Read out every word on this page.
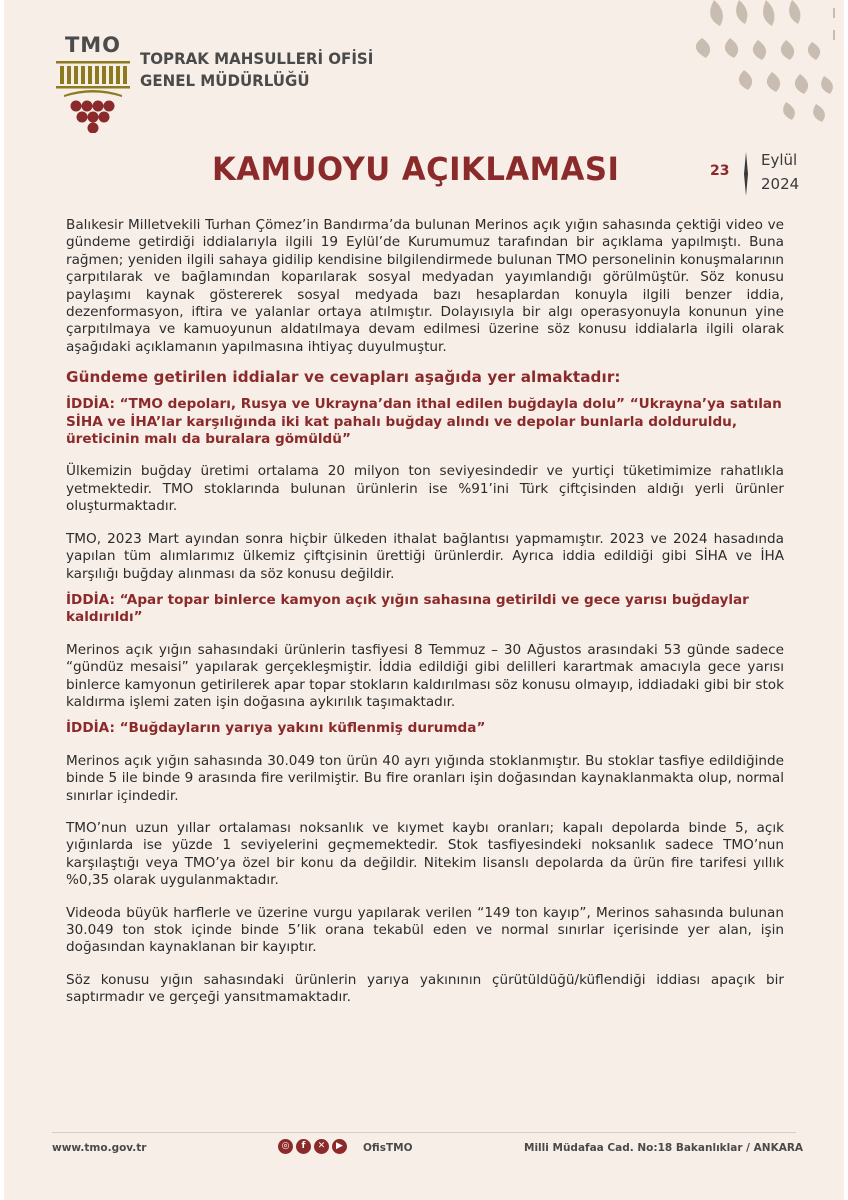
TMO
TOPRAK MAHSULLERİ OFİSİ
GENEL MÜDÜRLÜĞÜ
KAMUOYU AÇIKLAMASI	23
Eylül
2024

Balıkesir Milletvekili Turhan Çömez’in Bandırma’da bulunan Merinos açık yığın sahasında çektiği video ve gündeme getirdiği iddialarıyla ilgili 19 Eylül’de Kurumumuz tarafından bir açıklama yapılmıştı. Buna rağmen; yeniden ilgili sahaya gidilip kendisine bilgilendirmede bulunan TMO personelinin konuşmalarının çarpıtılarak ve bağlamından koparılarak sosyal medyadan yayımlandığı görülmüştür. Söz konusu paylaşımı kaynak göstererek sosyal medyada bazı hesaplardan konuyla ilgili benzer iddia, dezenformasyon, iftira ve yalanlar ortaya atılmıştır. Dolayısıyla bir algı operasyonuyla konunun yine çarpıtılmaya ve kamuoyunun aldatılmaya devam edilmesi üzerine söz konusu iddialarla ilgili olarak aşağıdaki açıklamanın yapılmasına ihtiyaç duyulmuştur.

Gündeme getirilen iddialar ve cevapları aşağıda yer almaktadır:

İDDİA: “TMO depoları, Rusya ve Ukrayna’dan ithal edilen buğdayla dolu” “Ukrayna’ya satılan SİHA ve İHA’lar karşılığında iki kat pahalı buğday alındı ve depolar bunlarla dolduruldu, üreticinin malı da buralara gömüldü”

Ülkemizin buğday üretimi ortalama 20 milyon ton seviyesindedir ve yurtiçi tüketimimize rahatlıkla yetmektedir. TMO stoklarında bulunan ürünlerin ise %91’ini Türk çiftçisinden aldığı yerli ürünler oluşturmaktadır.

TMO, 2023 Mart ayından sonra hiçbir ülkeden ithalat bağlantısı yapmamıştır. 2023 ve 2024 hasadında yapılan tüm alımlarımız ülkemiz çiftçisinin ürettiği ürünlerdir. Ayrıca iddia edildiği gibi SİHA ve İHA karşılığı buğday alınması da söz konusu değildir.

İDDİA: “Apar topar binlerce kamyon açık yığın sahasına getirildi ve gece yarısı buğdaylar kaldırıldı”

Merinos açık yığın sahasındaki ürünlerin tasfiyesi 8 Temmuz – 30 Ağustos arasındaki 53 günde sadece “gündüz mesaisi” yapılarak gerçekleşmiştir. İddia edildiği gibi delilleri karartmak amacıyla gece yarısı binlerce kamyonun getirilerek apar topar stokların kaldırılması söz konusu olmayıp, iddiadaki gibi bir stok kaldırma işlemi zaten işin doğasına aykırılık taşımaktadır.

İDDİA: “Buğdayların yarıya yakını küflenmiş durumda”

Merinos açık yığın sahasında 30.049 ton ürün 40 ayrı yığında stoklanmıştır. Bu stoklar tasfiye edildiğinde binde 5 ile binde 9 arasında fire verilmiştir. Bu fire oranları işin doğasından kaynaklanmakta olup, normal sınırlar içindedir.

TMO’nun uzun yıllar ortalaması noksanlık ve kıymet kaybı oranları; kapalı depolarda binde 5, açık yığınlarda ise yüzde 1 seviyelerini geçmemektedir. Stok tasfiyesindeki noksanlık sadece TMO’nun karşılaştığı veya TMO’ya özel bir konu da değildir. Nitekim lisanslı depolarda da ürün fire tarifesi yıllık %0,35 olarak uygulanmaktadır.

Videoda büyük harflerle ve üzerine vurgu yapılarak verilen “149 ton kayıp”, Merinos sahasında bulunan 30.049 ton stok içinde binde 5’lik orana tekabül eden ve normal sınırlar içerisinde yer alan, işin doğasından kaynaklanan bir kayıptır.

Söz konusu yığın sahasındaki ürünlerin yarıya yakınının çürütüldüğü/küflendiği iddiası apaçık bir saptırmadır ve gerçeği yansıtmamaktadır.

www.tmo.gov.tr	◎	f	✕	▶	OfisTMO	Milli Müdafaa Cad. No:18 Bakanlıklar / ANKARA
